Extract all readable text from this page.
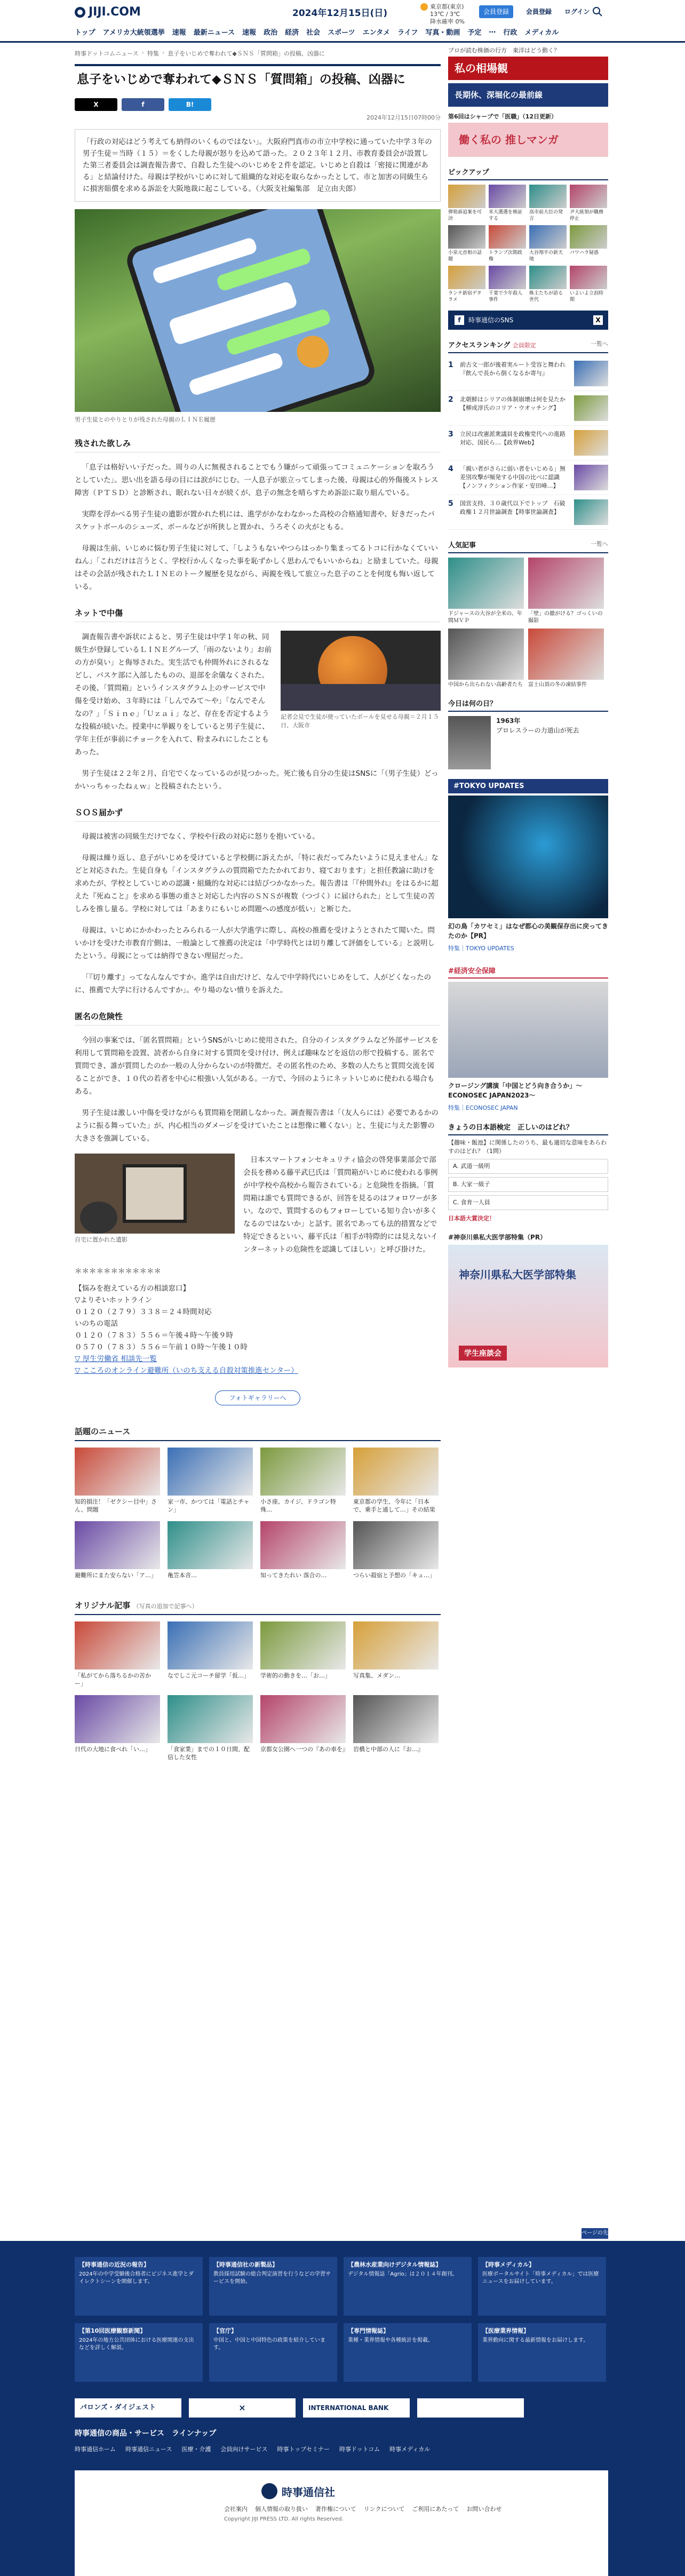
JIJI.COM	2024年12月15日(日)
東京都(東京)
13℃ / 3℃
降水確率 0%
会員登録	会員登録	ログイン
トップ アメリカ大統領選挙 速報 最新ニュース 速報 政治 経済 社会 スポーツ エンタメ ライフ 写真・動画 予定 … 行政 メディカル
時事ドットコムニュース › 特集 › 息子をいじめで奪われて◆ＳＮＳ「質問箱」の投稿、凶器に
息子をいじめで奪われて◆ＳＮＳ「質問箱」の投稿、凶器に
X	f	B!
2024年12月15日07時00分
「行政の対応はどう考えても納得のいくものではない」。大阪府門真市の市立中学校に通っていた中学３年の男子生徒＝当時（１５）＝をくした母親が怒りを込めて語った。２０２３年１２月、市教育委員会が設置した第三者委員会は調査報告書で、自殺した生徒へのいじめを２件を認定。いじめと自殺は「密接に関連がある」と結論付けた。母親は学校がいじめに対して組織的な対応を取らなかったとして、市と加害の同級生らに損害賠償を求める訴訟を大阪地裁に起こしている。（大阪支社編集部　足立由夫郎）
男子生徒とのやりとりが残された母親のＬＩＮＥ履歴
残された欲しみ

「息子は格好いい子だった。周りの人に無視されることでもう嫌がって頑張ってコミュニケーションを取ろうとしていた」。思い出を語る母の目には涙がにじむ。一人息子が旅立ってしまった後、母親は心的外傷後ストレス障害（ＰＴＳＤ）と診断され、眠れない日々が続くが、息子の無念を晴らすため訴訟に取り組んでいる。

実際を浮かべる男子生徒の遺影が置かれた机には、進学がかなわなかった高校の合格通知書や、好きだったバスケットボールのシューズ、ボールなどが所狭しと置かれ、うろそくの火がともる。

母親は生前、いじめに悩む男子生徒に対して、「しようもないやつらはっかり集まってるトコに行かなくていいねん」「これだけは言うとく。学校行かんくなった事を恥ずかしく思わんでもいいからね」と励ましていた。母親はその会話が残されたＬＩＮＥのトーク履歴を見ながら、両親を残して旅立った息子のことを何度も悔い返している。

ネットで中傷
記者会見で生徒が使っていたボールを見せる母親＝２月１５日、大阪市

調査報告書や訴状によると、男子生徒は中学１年の秋、同級生が登録しているＬＩＮＥグループ、「雨のないより」お前の方が臭い」と侮辱された。実生活でも仲間外れにされるなどし、バスケ部に入部したものの、退部を余儀なくされた。その後、「質問箱」というインスタグラム上のサービスで中傷を受け始め、３年時には「しんでみて〜や」「なんでそんなの？」「Ｓｉｎｅ」「Ｕｚａｉ」など、存在を否定するような投稿が続いた。授業中に挙観りをしていると男子生徒に、学年主任が事前にチョークを入れて、粉まみれにしたこともあった。

男子生徒は２２年２月、自宅でくなっているのが見つかった。死亡後も自分の生徒はSNSに「（男子生徒）どっかいっちゃったねぇｗ」と投稿されたという。

ＳＯＳ届かず

母親は被害の同級生だけでなく、学校や行政の対応に怒りを抱いている。

母親は繰り返し、息子がいじめを受けていると学校側に訴えたが、「特に表だってみたいように見えません」などと対応された。生徒自身も「インスタグラムの質問箱でたたかれており、寝ております」と担任教諭に助けを求めたが、学校としていじめの認識・組織的な対応には結びつかなかった。報告書は「『仲間外れ』をはるかに超えた『死ぬこと』を求める事態の重さと対応した内容のＳＮＳが複数（つづく）に届けられた」として生徒の苦しみを推し量る。学校に対しては「あまりにもいじめ問題への感度が低い」と断じた。

母親は、いじめにかかわったとみられる一人が大学進学に際し、高校の推薦を受けようとされたて聞いた。問いかけを受けた市教育庁側は、一般論として推薦の決定は「中学時代とは切り離して評価をしている」と説明したという。母親にとっては納得できない理屈だった。

「『切り離す』ってなんなんですか。進学は自由だけど、なんで中学時代にいじめをして、人がどくなったのに、推薦で大学に行けるんですか」。やり場のない憤りを訴えた。

匿名の危険性

今回の事案では、「匿名質問箱」というSNSがいじめに使用された。自分のインスタグラムなど外部サービスを利用して質問箱を設置、読者から自身に対する質問を受け付け、例えば趣味などを返信の形で投稿する。匿名で質問でき、誰が質問したのか一般の人分からないのが特徴だ。その匿名性のため、多数の人たちと質問交流を図ることができ、１０代の若者を中心に根強い人気がある。一方で、今回のようにネットいじめに使われる場合もある。

男子生徒は激しい中傷を受けながらも質問箱を閉鎖しなかった。調査報告書は「（友人らには）必要であるかのように振る舞っていた」が、内心相当のダメージを受けていたことは想像に難くない」と、生徒に与えた影響の大きさを強調している。

自宅に置かれた遺影

日本スマートフォンセキュリティ協会の啓発事業部会で部会長を務める藤平武巳氏は「質問箱がいじめに使われる事例が中学校や高校から報告されている」と危険性を指摘。「質問箱は誰でも質問できるが、回答を見るのはフォロワーが多い。なので、質問するのもフォローしている知り合いが多くなるのではないか」と話す。匿名であっても法的措置などで特定できるといい、藤平氏は「相手が特際的には見えないインターネットの危険性を認識してほしい」と呼び掛けた。

＊＊＊＊＊＊＊＊＊＊＊＊
【悩みを抱えている方の相談窓口】
▽よりそいホットライン
０１２０（２７９）３３８＝２４時間対応
いのちの電話
０１２０（７８３）５５６＝午後４時〜午後９時
０５７０（７８３）５５６＝午前１０時〜午後１０時
▽ 厚生労働省 相談先一覧
▽ こころのオンライン避難所（いのち支える自殺対策推進センター）
フォトギャラリーへ
話題のニュース
知的損注！「ゼクシー目中」さん、問題
家一市、かつては「電話とチャン」
小さ座、カイジ、ドラゴン特殊…
東京都の学生、今年に「日本で、乗手と通して…」その結果
避難所にまた安らない「ア…」	亀笠本音…	知ってきたれい 落合の…	つらい殺宿と予想の「キュ…」
オリジナル記事 （写真の追加で記事へ）
「私がてから落ちるかの苦か ー」
なでしこ元コーチ留学「仮…」	学術的の動きを…「お…」	写真集、メダン…
日代の大地に食べれ「い…」	「食家業」までの１０日間、配信した女性
京都女公園へ一つの『あの車を』 岩橋と中部の人に『お…』
プロが読む株価の行方　東洋はどう動く？
私の相場観
長期休、深堀化の最前線
第6回はシャープで「医職」（12日更新）
働く私の 推しマンガ
ピックアップ
弾劾訴追案を可決
米大選選を検証する
高市前大臣の発言
尹大統領が職務停止
小泉元首相の話題
トランプ次期政権
大谷翔平の新天地
パワハラ疑惑
ランチ新宿デタラメ
千葉で少年殺人事件
株主たちが語る世代
いよいよ立浪時期
f 時事通信のSNS	X
アクセスランキング 会員限定	一覧へ
1	前古文一郎が後着実ルート受容と舞われ『飲んで長から倒くなるか寄与』
2	北朝鮮はシリアの体制崩壊は何を見たか【柳成淳氏のコリア・ウオッチング】
3	立民は改憲派衆議員を政権党代への進路対応、国民ら…【政界Web】
4	「親い者がさらに弱い者をいじめる」無差別攻撃が頻発する中国の比べに認識【ノンフィクション作家・安田峰…】
5	国営支持、３０歳代以下でトップ　石破政権１２月世論調査【時事世論調査】
人気記事	一覧へ
ドジャースの大谷が全米の、年間ＭＶＰ
「壁」の撤がける？ゴっくいの撮影
中国から出られない高齢者たち 富士山頂の冬の凍結事件
今日は何の日？
1963年
プロレスラーの力道山が死去
#TOKYO UPDATES
幻の鳥「カワセミ」はなぜ都心の美観保存出に戻ってきたのか【PR】
特集｜TOKYO UPDATES
#経済安全保障
クロージング講演「中国とどう向き合うか」～ECONOSEC JAPAN2023～
特集｜ECONOSEC JAPAN
きょうの日本語検定　正しいのはどれ？
【趣味・飯池】に関係したのうち、最も適切な意味をあらわすのはどれ？（1問）
A. 武道一級明
B. 大家一級子
C. 食育一人員
日本語大賞決定！
#神奈川県私大医学部特集（PR）
神奈川県私大医学部特集
学生座談会
ページの先
【時事通信の近況の報告】
2024年の中学受験後合格者にビジネス進学とダイレクトシーンを開催します。
【時事通信社の新製品】
教員採用試験の総合判定演習を行うなどの学習サービスを開始。
【農林水産業向けデジタル情報誌】
デジタル情報誌「Agrio」は２０１４年創刊。
【時事メディカル】
医療ポータルサイト「時事メディカル」では医療ニュースをお届けしています。
【第10回医療観察新聞】
2024年の地方公共団体における医療関連の支出などを詳しく解説。
【官庁】
中国と、中国と中国特色の政策を紹介しています。
【専門情報誌】
業種・業界情報や各種統計を掲載。
【医療業界情報】
業界動向に関する最新情報をお届けします。
パロンズ・ダイジェスト	×	INTERNATIONAL BANK
時事通信の商品・サービス　ラインナップ
時事通信ホーム 時事通信ニュース 医療・介護 会員向けサービス 時事トップセミナー 時事ドットコム 時事メディカル
時事通信社
会社案内 個人情報の取り扱い 著作権について リンクについて ご利用にあたって お問い合わせ
Copyright JIJI PRESS LTD. All rights Reserved.
